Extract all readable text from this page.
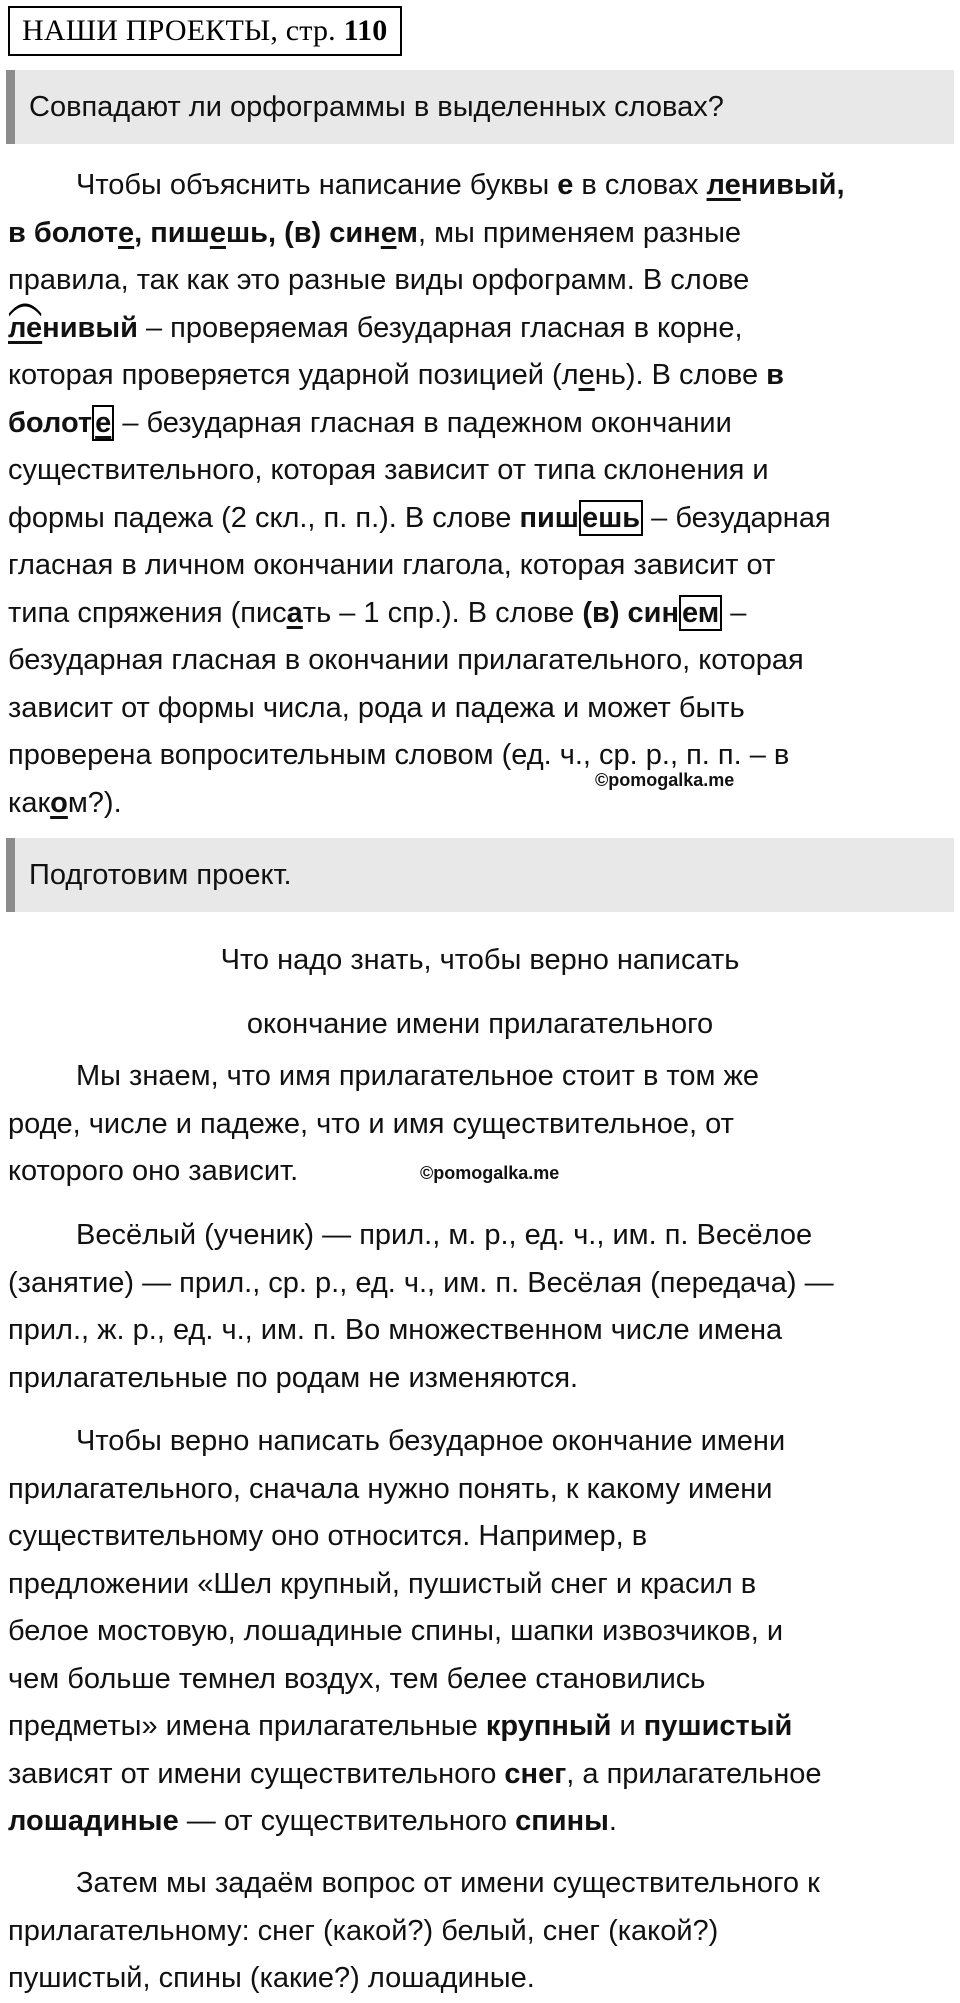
НАШИ ПРОЕКТЫ, стр. 110
Совпадают ли орфограммы в выделенных словах?
Чтобы объяснить написание буквы е в словах ленивый,
в болоте, пишешь, (в) синем, мы применяем разные
правила, так как это разные виды орфограмм. В слове
ленивый – проверяемая безударная гласная в корне,
которая проверяется ударной позицией (лень). В слове в
болот е – безударная гласная в падежном окончании
существительного, которая зависит от типа склонения и
формы падежа (2 скл., п. п.). В слове пиш ешь – безударная
гласная в личном окончании глагола, которая зависит от
типа спряжения (писать – 1 спр.). В слове (в) син ем –
безударная гласная в окончании прилагательного, которая
зависит от формы числа, рода и падежа и может быть
проверена вопросительным словом (ед. ч., ср. р., п. п. – в
каком?).
©pomogalka.me
Подготовим проект.
Что надо знать, чтобы верно написать
окончание имени прилагательного
Мы знаем, что имя прилагательное стоит в том же
роде, числе и падеже, что и имя существительное, от
которого оно зависит.	©pomogalka.me
Весёлый (ученик) — прил., м. р., ед. ч., им. п. Весёлое
(занятие) — прил., ср. р., ед. ч., им. п. Весёлая (передача) —
прил., ж. р., ед. ч., им. п. Во множественном числе имена
прилагательные по родам не изменяются.
Чтобы верно написать безударное окончание имени
прилагательного, сначала нужно понять, к какому имени
существительному оно относится. Например, в
предложении «Шел крупный, пушистый снег и красил в
белое мостовую, лошадиные спины, шапки извозчиков, и
чем больше темнел воздух, тем белее становились
предметы» имена прилагательные крупный и пушистый
зависят от имени существительного снег, а прилагательное
лошадиные — от существительного спины.
Затем мы задаём вопрос от имени существительного к
прилагательному: снег (какой?) белый, снег (какой?)
пушистый, спины (какие?) лошадиные.
